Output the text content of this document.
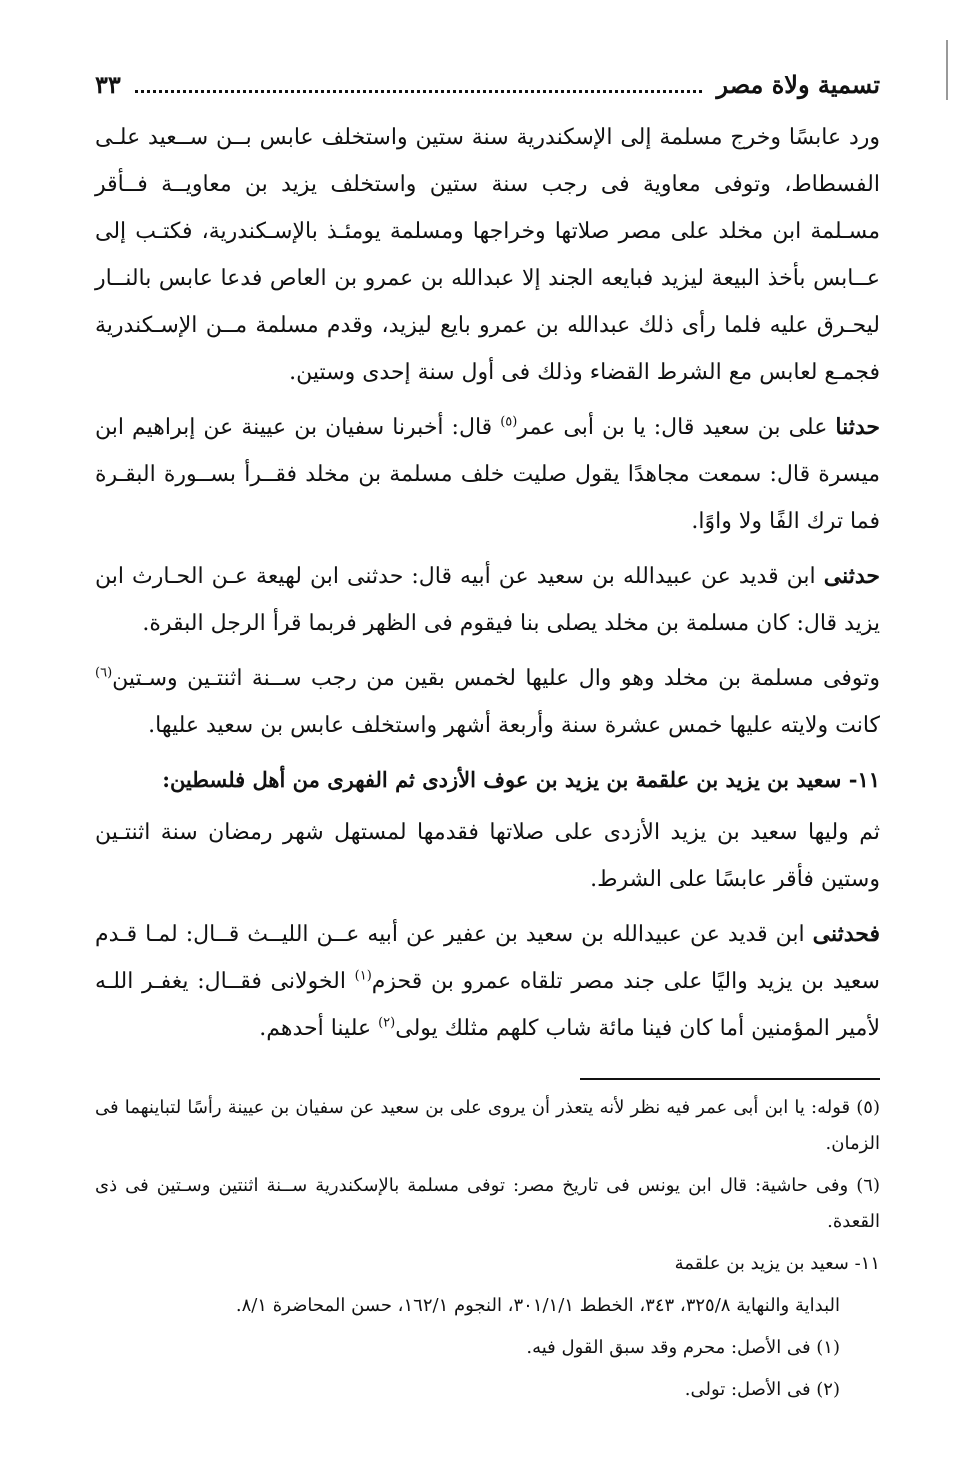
تسمية ولاة مصر
٣٣

ورد عابسًا وخرج مسلمة إلى الإسكندرية سنة ستين واستخلف عابس بــن ســعيد علـى الفسطاط، وتوفى معاوية فى رجب سنة ستين واستخلف يزيد بن معاويــة فــأقر مسـلمة ابن مخلد على مصر صلاتها وخراجها ومسلمة يومئـذ بالإسـكندرية، فكتـب إلى عــابس بأخذ البيعة ليزيد فبايعه الجند إلا عبدالله بن عمرو بن العاص فدعا عابس بالنــار ليحـرق عليه فلما رأى ذلك عبدالله بن عمرو بايع ليزيد، وقدم مسلمة مــن الإسـكندرية فجمـع لعابس مع الشرط القضاء وذلك فى أول سنة إحدى وستين.

حدثنا على بن سعيد قال: يا بن أبى عمر$^{(٥)}$ قال: أخبرنا سفيان بن عيينة عن إبراهيم ابن ميسرة قال: سمعت مجاهدًا يقول صليت خلف مسلمة بن مخلد فقــرأ بســورة البقـرة فما ترك الفًا ولا واوًا.

حدثنى ابن قديد عن عبيدالله بن سعيد عن أبيه قال: حدثنى ابن لهيعة عـن الحـارث ابن يزيد قال: كان مسلمة بن مخلد يصلى بنا فيقوم فى الظهر فربما قرأ الرجل البقرة.

وتوفى مسلمة بن مخلد وهو وال عليها لخمس بقين من رجب ســنة اثنتـين وسـتين$^{(٦)}$ كانت ولايته عليها خمس عشرة سنة وأربعة أشهر واستخلف عابس بن سعيد عليها.

١١- سعيد بن يزيد بن علقمة بن يزيد بن عوف الأزدى ثم الفهرى من أهل فلسطين:

ثم وليها سعيد بن يزيد الأزدى على صلاتها فقدمها لمستهل شهر رمضان سنة اثنتـين وستين فأقر عابسًا على الشرط.

فحدثنى ابن قديد عن عبيدالله بن سعيد بن عفير عن أبيه عــن الليــث قــال: لمـا قـدم سعيد بن يزيد واليًا على جند مصر تلقاه عمرو بن قحزم$^{(١)}$ الخولانى فقــال: يغفـر اللـه لأمير المؤمنين أما كان فينا مائة شاب كلهم مثلك يولى$^{(٢)}$ علينا أحدهم.

(٥) قوله: يا ابن أبى عمر فيه نظر لأنه يتعذر أن يروى على بن سعيد عن سفيان بن عيينة رأسًا لتباينهما فى الزمان.

(٦) وفى حاشية: قال ابن يونس فى تاريخ مصر: توفى مسلمة بالإسكندرية ســنة اثنتين وسـتين فى ذى القعدة.

١١- سعيد بن يزيد بن علقمة

البداية والنهاية ٣٢٥/٨، ٣٤٣، الخطط ٣٠١/١/١، النجوم ١٦٢/١، حسن المحاضرة ٨/١.

(١) فى الأصل: محرم وقد سبق القول فيه.

(٢) فى الأصل: تولى.
